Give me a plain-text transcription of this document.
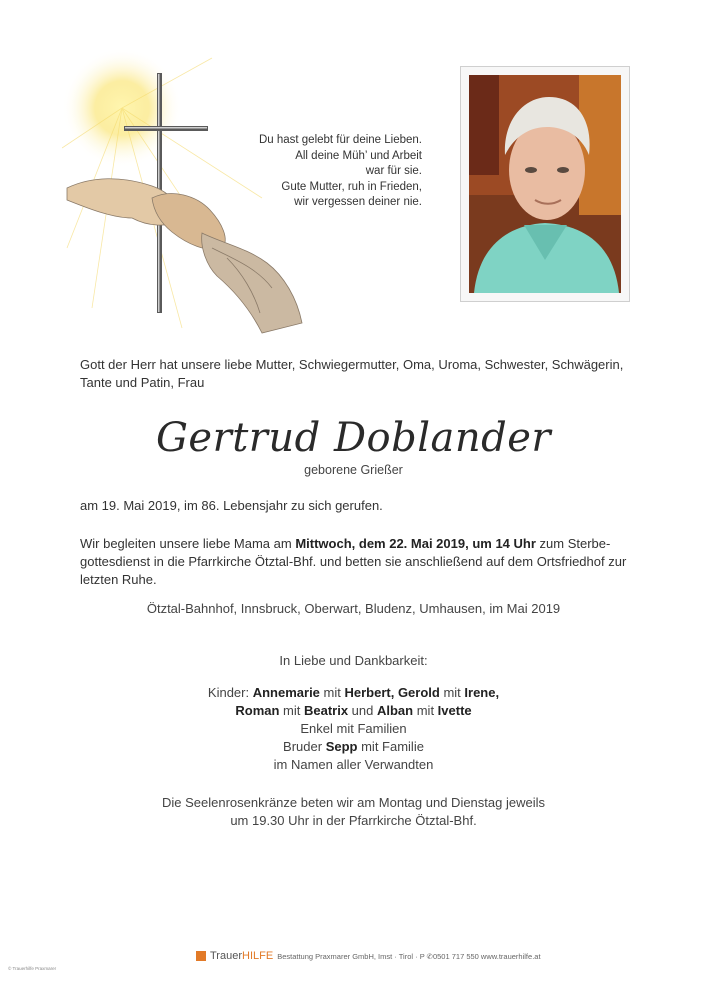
Du hast gelebt für deine Lieben.
All deine Müh’ und Arbeit
war für sie.
Gute Mutter, ruh in Frieden,
wir vergessen deiner nie.
Gott der Herr hat unsere liebe Mutter, Schwiegermutter, Oma, Uroma, Schwester, Schwägerin, Tante und Patin, Frau
Gertrud Doblander
geborene Grießer
am 19. Mai 2019, im 86. Lebensjahr zu sich gerufen.
Wir begleiten unsere liebe Mama am Mittwoch, dem 22. Mai 2019, um 14 Uhr zum Sterbegottesdienst in die Pfarrkirche Ötztal-Bhf. und betten sie anschließend auf dem Ortsfriedhof zur letzten Ruhe.
Ötztal-Bahnhof, Innsbruck, Oberwart, Bludenz, Umhausen, im Mai 2019
In Liebe und Dankbarkeit:
Kinder: Annemarie mit Herbert, Gerold mit Irene,
Roman mit Beatrix und Alban mit Ivette
Enkel mit Familien
Bruder Sepp mit Familie
im Namen aller Verwandten
Die Seelenrosenkränze beten wir am Montag und Dienstag jeweils
um 19.30 Uhr in der Pfarrkirche Ötztal-Bhf.
TrauerHILFE Bestattung Praxmarer GmbH, Imst · Tirol · P ✆0501 717 550 www.trauerhilfe.at
© Trauerhilfe Praxmarer
